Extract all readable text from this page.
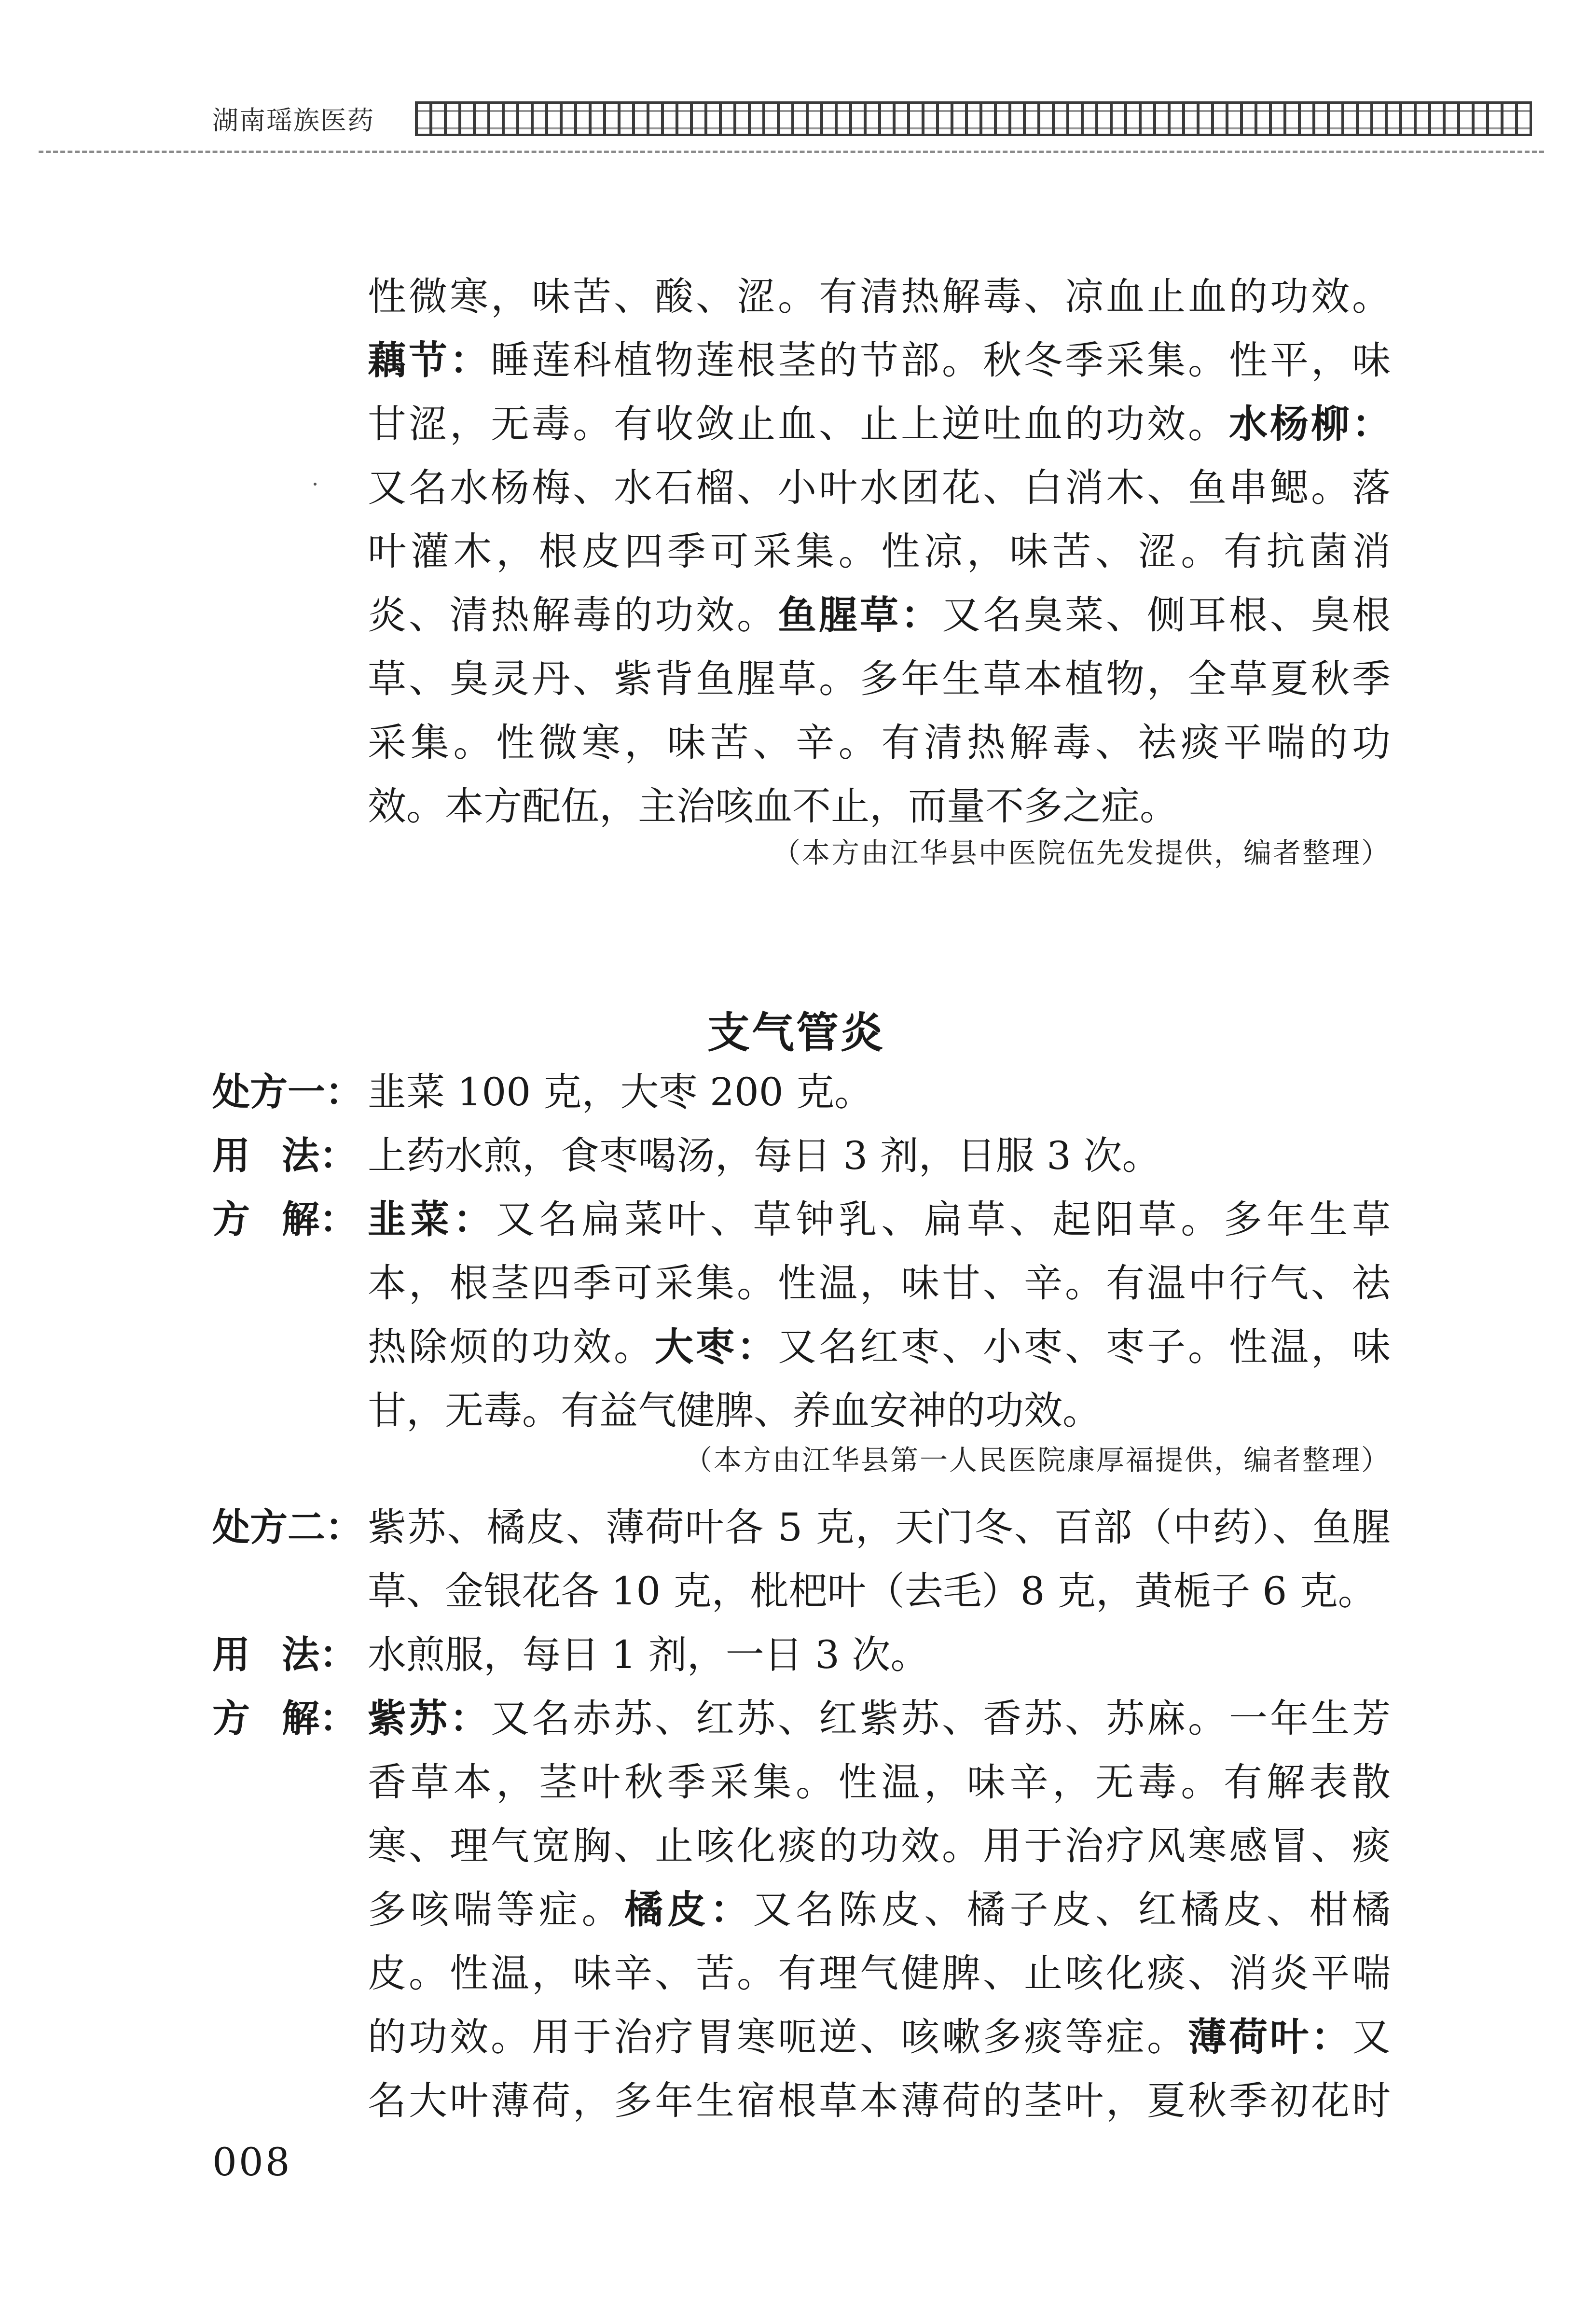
湖南瑶族医药
性微寒，味苦、酸、涩。有清热解毒、凉血止血的功效。
藕节：睡莲科植物莲根茎的节部。秋冬季采集。性平，味
甘涩，无毒。有收敛止血、止上逆吐血的功效。水杨柳：
又名水杨梅、水石榴、小叶水团花、白消木、鱼串鳃。落
叶灌木，根皮四季可采集。性凉，味苦、涩。有抗菌消
炎、清热解毒的功效。鱼腥草：又名臭菜、侧耳根、臭根
草、臭灵丹、紫背鱼腥草。多年生草本植物，全草夏秋季
采集。性微寒，味苦、辛。有清热解毒、祛痰平喘的功
效。本方配伍，主治咳血不止，而量不多之症。
（本方由江华县中医院伍先发提供，编者整理）
支气管炎
处方一： 韭菜 100 克，大枣 200 克。
用 法： 上药水煎，食枣喝汤，每日 3 剂，日服 3 次。
方 解： 韭菜：又名扁菜叶、草钟乳、扁草、起阳草。多年生草
本，根茎四季可采集。性温，味甘、辛。有温中行气、祛
热除烦的功效。大枣：又名红枣、小枣、枣子。性温，味
甘，无毒。有益气健脾、养血安神的功效。
（本方由江华县第一人民医院康厚福提供，编者整理）
处方二： 紫苏、橘皮、薄荷叶各 5 克，天门冬、百部（中药）、鱼腥
草、金银花各 10 克，枇杷叶（去毛）8 克，黄栀子 6 克。
用 法： 水煎服，每日 1 剂，一日 3 次。
方 解： 紫苏：又名赤苏、红苏、红紫苏、香苏、苏麻。一年生芳
香草本，茎叶秋季采集。性温，味辛，无毒。有解表散
寒、理气宽胸、止咳化痰的功效。用于治疗风寒感冒、痰
多咳喘等症。橘皮：又名陈皮、橘子皮、红橘皮、柑橘
皮。性温，味辛、苦。有理气健脾、止咳化痰、消炎平喘
的功效。用于治疗胃寒呃逆、咳嗽多痰等症。薄荷叶：又
名大叶薄荷，多年生宿根草本薄荷的茎叶，夏秋季初花时
008
